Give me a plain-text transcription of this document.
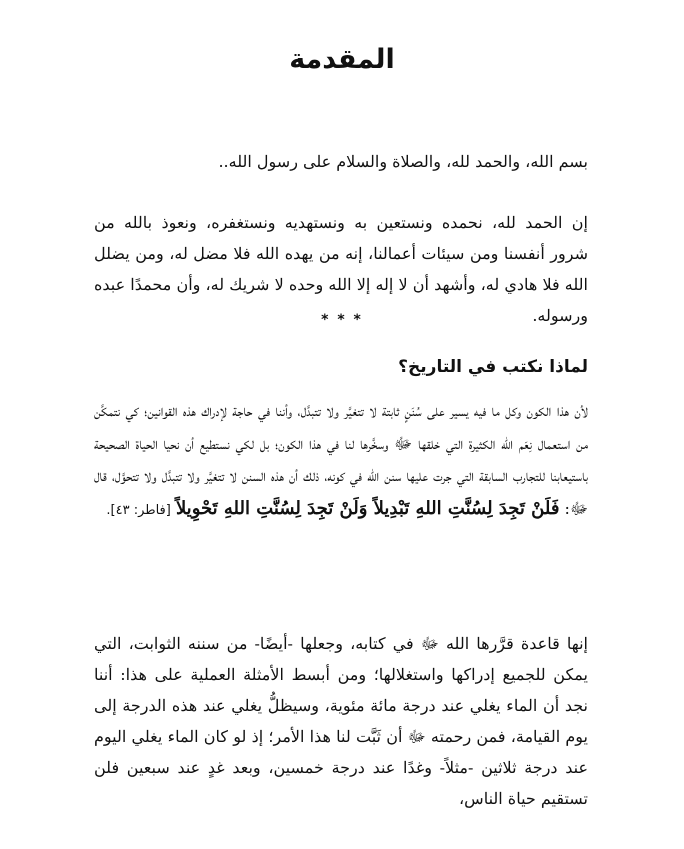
المقدمة

بسم الله، والحمد لله، والصلاة والسلام على رسول الله..

إن الحمد لله، نحمده ونستعين به ونستهديه ونستغفره، ونعوذ بالله من شرور أنفسنا ومن سيئات أعمالنا، إنه من يهده الله فلا مضل له، ومن يضلل الله فلا هادي له، وأشهد أن لا إله إلا الله وحده لا شريك له، وأن محمدًا عبده ورسوله.

* * *
لماذا نكتب في التاريخ؟

لأن هذا الكون وكل ما فيه يسير على سُنَنٍ ثابتة لا تتغيَّر ولا تتبدَّل، وأننا في حاجة لإدراك هذه القوانين؛ كي نتمكَّن من استعمال نِعَم الله الكثيرة التي خلقها ﷻ وسخَّرها لنا في هذا الكون؛ بل لكي نستطيع أن نحيا الحياة الصحيحة باستيعابنا للتجارب السابقة التي جرت عليها سنن الله في كونه، ذلك أن هذه السنن لا تتغيَّر ولا تتبدَّل ولا تتحوَّل، قال ﷻ: فَلَنْ تَجِدَ لِسُنَّتِ اللهِ تَبْدِيلاً وَلَنْ تَجِدَ لِسُنَّتِ اللهِ تَحْوِيلاً [فاطر: ٤٣].

إنها قاعدة قرَّرها الله ﷻ في كتابه، وجعلها -أيضًا- من سننه الثوابت، التي يمكن للجميع إدراكها واستغلالها؛ ومن أبسط الأمثلة العملية على هذا: أننا نجد أن الماء يغلي عند درجة مائة مئوية، وسيظلُّ يغلي عند هذه الدرجة إلى يوم القيامة، فمن رحمته ﷻ أن ثَبَّت لنا هذا الأمر؛ إذ لو كان الماء يغلي اليوم عند درجة ثلاثين -مثلاً- وغدًا عند درجة خمسين، وبعد غدٍ عند سبعين فلن تستقيم حياة الناس،
